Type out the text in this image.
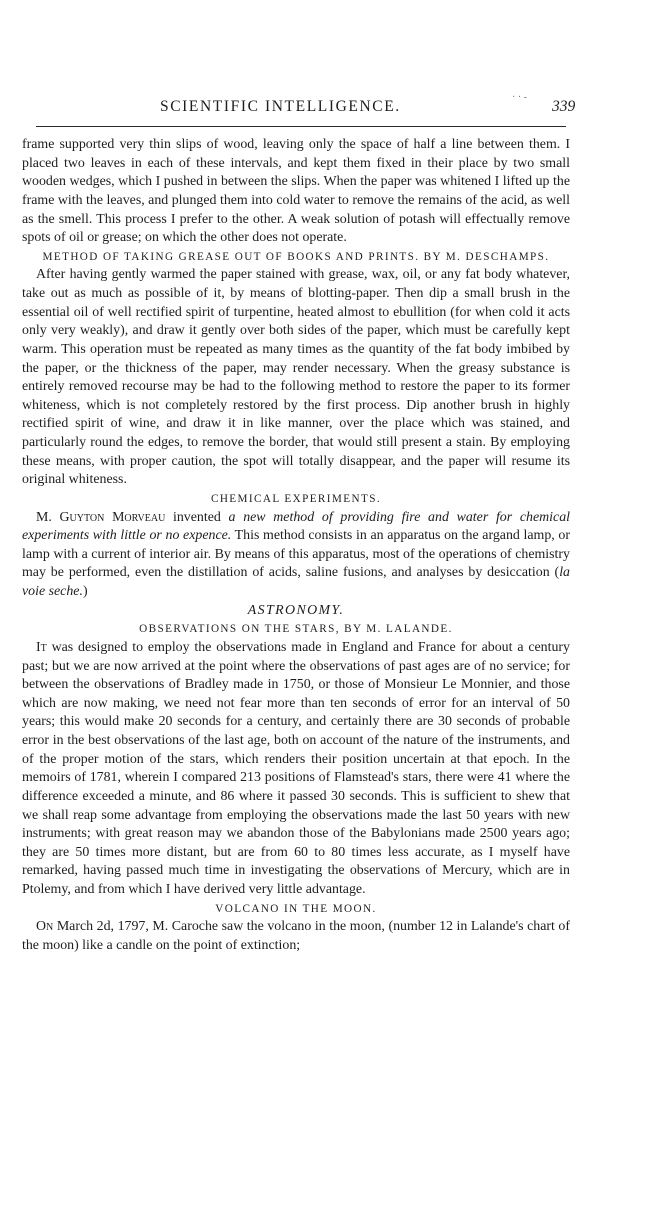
SCIENTIFIC INTELLIGENCE.
· · -
339

frame supported very thin slips of wood, leaving only the space of half a line between them. I placed two leaves in each of these intervals, and kept them fixed in their place by two small wooden wedges, which I pushed in between the slips. When the paper was whitened I lifted up the frame with the leaves, and plunged them into cold water to remove the remains of the acid, as well as the smell. This process I prefer to the other. A weak solution of potash will effectually remove spots of oil or grease; on which the other does not operate.

METHOD OF TAKING GREASE OUT OF BOOKS AND PRINTS. BY M. DESCHAMPS.

After having gently warmed the paper stained with grease, wax, oil, or any fat body whatever, take out as much as possible of it, by means of blotting-paper. Then dip a small brush in the essential oil of well rectified spirit of turpentine, heated almost to ebullition (for when cold it acts only very weakly), and draw it gently over both sides of the paper, which must be carefully kept warm. This operation must be repeated as many times as the quantity of the fat body imbibed by the paper, or the thickness of the paper, may render necessary. When the greasy substance is entirely removed recourse may be had to the following method to restore the paper to its former whiteness, which is not completely restored by the first process. Dip another brush in highly rectified spirit of wine, and draw it in like manner, over the place which was stained, and particularly round the edges, to remove the border, that would still present a stain. By employing these means, with proper caution, the spot will totally disappear, and the paper will resume its original whiteness.

CHEMICAL EXPERIMENTS.

M. Guyton Morveau invented a new method of providing fire and water for chemical experiments with little or no expence. This method consists in an apparatus on the argand lamp, or lamp with a current of interior air. By means of this apparatus, most of the operations of chemistry may be performed, even the distillation of acids, saline fusions, and analyses by desiccation (la voie seche.)

ASTRONOMY.

OBSERVATIONS ON THE STARS, BY M. LALANDE.

It was designed to employ the observations made in England and France for about a century past; but we are now arrived at the point where the observations of past ages are of no service; for between the observations of Bradley made in 1750, or those of Monsieur Le Monnier, and those which are now making, we need not fear more than ten seconds of error for an interval of 50 years; this would make 20 seconds for a century, and certainly there are 30 seconds of probable error in the best observations of the last age, both on account of the nature of the instruments, and of the proper motion of the stars, which renders their position uncertain at that epoch. In the memoirs of 1781, wherein I compared 213 positions of Flamstead's stars, there were 41 where the difference exceeded a minute, and 86 where it passed 30 seconds. This is sufficient to shew that we shall reap some advantage from employing the observations made the last 50 years with new instruments; with great reason may we abandon those of the Babylonians made 2500 years ago; they are 50 times more distant, but are from 60 to 80 times less accurate, as I myself have remarked, having passed much time in investigating the observations of Mercury, which are in Ptolemy, and from which I have derived very little advantage.

VOLCANO IN THE MOON.

On March 2d, 1797, M. Caroche saw the volcano in the moon, (number 12 in Lalande's chart of the moon) like a candle on the point of extinction;
